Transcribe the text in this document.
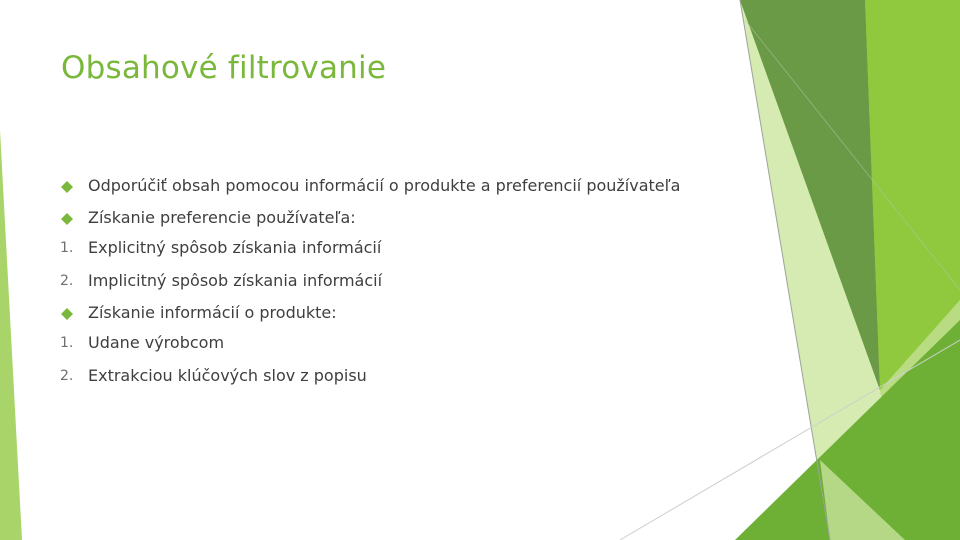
Obsahové filtrovanie
Odporúčiť obsah pomocou informácií o produkte a preferencií používateľa
Získanie preferencie používateľa:
1. Explicitný spôsob získania informácií
2. Implicitný spôsob získania informácií
Získanie informácií o produkte:
1. Udane výrobcom
2. Extrakciou klúčových slov z popisu
